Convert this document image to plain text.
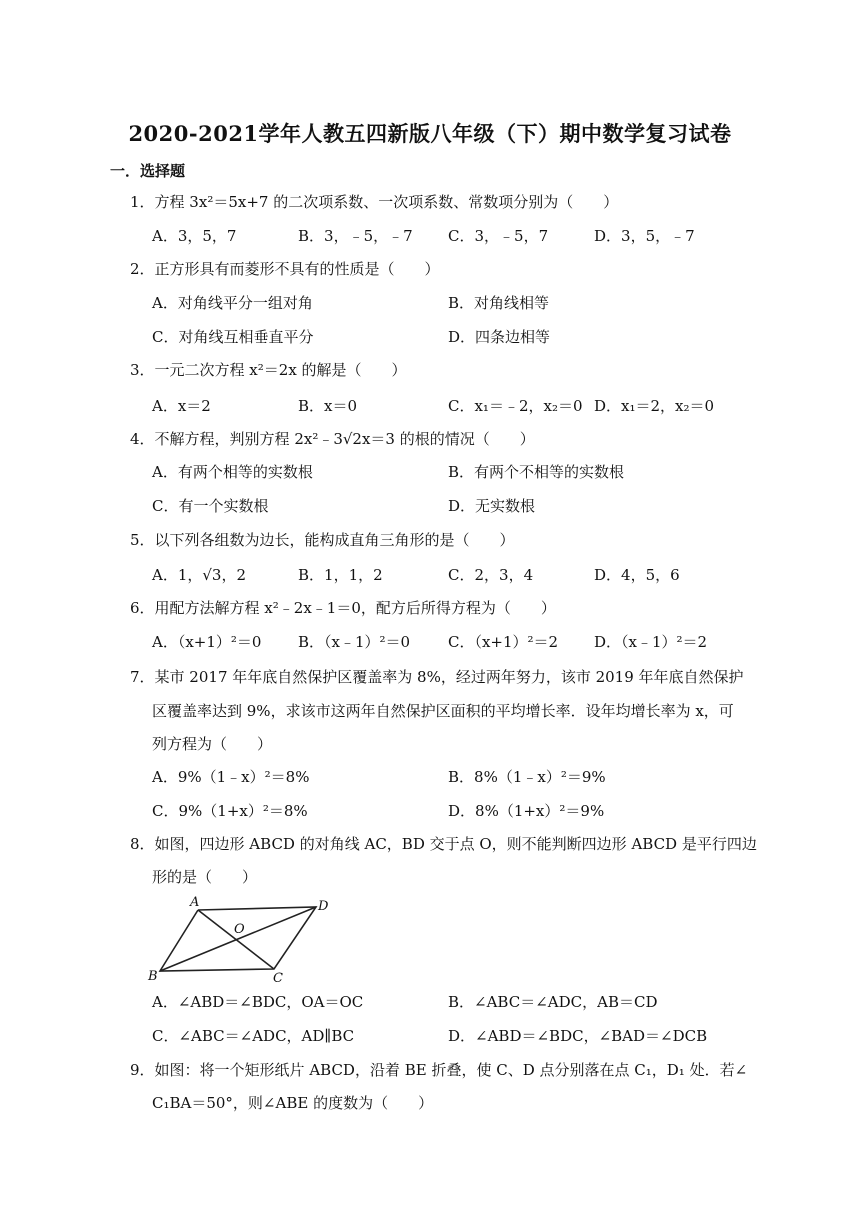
2020-2021学年人教五四新版八年级（下）期中数学复习试卷
一．选择题
1．方程 3x²＝5x+7 的二次项系数、一次项系数、常数项分别为（　　）
A．3，5，7	B．3，﹣5，﹣7 C．3，﹣5，7	D．3，5，﹣7
2．正方形具有而菱形不具有的性质是（　　）
A．对角线平分一组对角	B．对角线相等
C．对角线互相垂直平分	D．四条边相等
3．一元二次方程 x²＝2x 的解是（　　）
A．x＝2	B．x＝0	C．x₁＝﹣2，x₂＝0 D．x₁＝2，x₂＝0
4．不解方程，判别方程 2x²﹣3√2x＝3 的根的情况（　　）
A．有两个相等的实数根	B．有两个不相等的实数根
C．有一个实数根	D．无实数根
5．以下列各组数为边长，能构成直角三角形的是（　　）
A．1，√3，2	B．1，1，2	C．2，3，4	D．4，5，6
6．用配方法解方程 x²﹣2x﹣1＝0，配方后所得方程为（　　）
A．（x+1）²＝0 B．（x﹣1）²＝0	C．（x+1）²＝2 D．（x﹣1）²＝2
7．某市 2017 年年底自然保护区覆盖率为 8%，经过两年努力，该市 2019 年年底自然保护
区覆盖率达到 9%，求该市这两年自然保护区面积的平均增长率．设年均增长率为 x，可
列方程为（　　）
A．9%（1﹣x）²＝8%	B．8%（1﹣x）²＝9%
C．9%（1+x）²＝8%	D．8%（1+x）²＝9%
8．如图，四边形 ABCD 的对角线 AC，BD 交于点 O，则不能判断四边形 ABCD 是平行四边
形的是（　　）
A	D
O
B	C
A．∠ABD＝∠BDC，OA＝OC	B．∠ABC＝∠ADC，AB＝CD
C．∠ABC＝∠ADC，AD∥BC	D．∠ABD＝∠BDC，∠BAD＝∠DCB
9．如图：将一个矩形纸片 ABCD，沿着 BE 折叠，使 C、D 点分别落在点 C₁，D₁ 处．若∠
C₁BA＝50°，则∠ABE 的度数为（　　）
